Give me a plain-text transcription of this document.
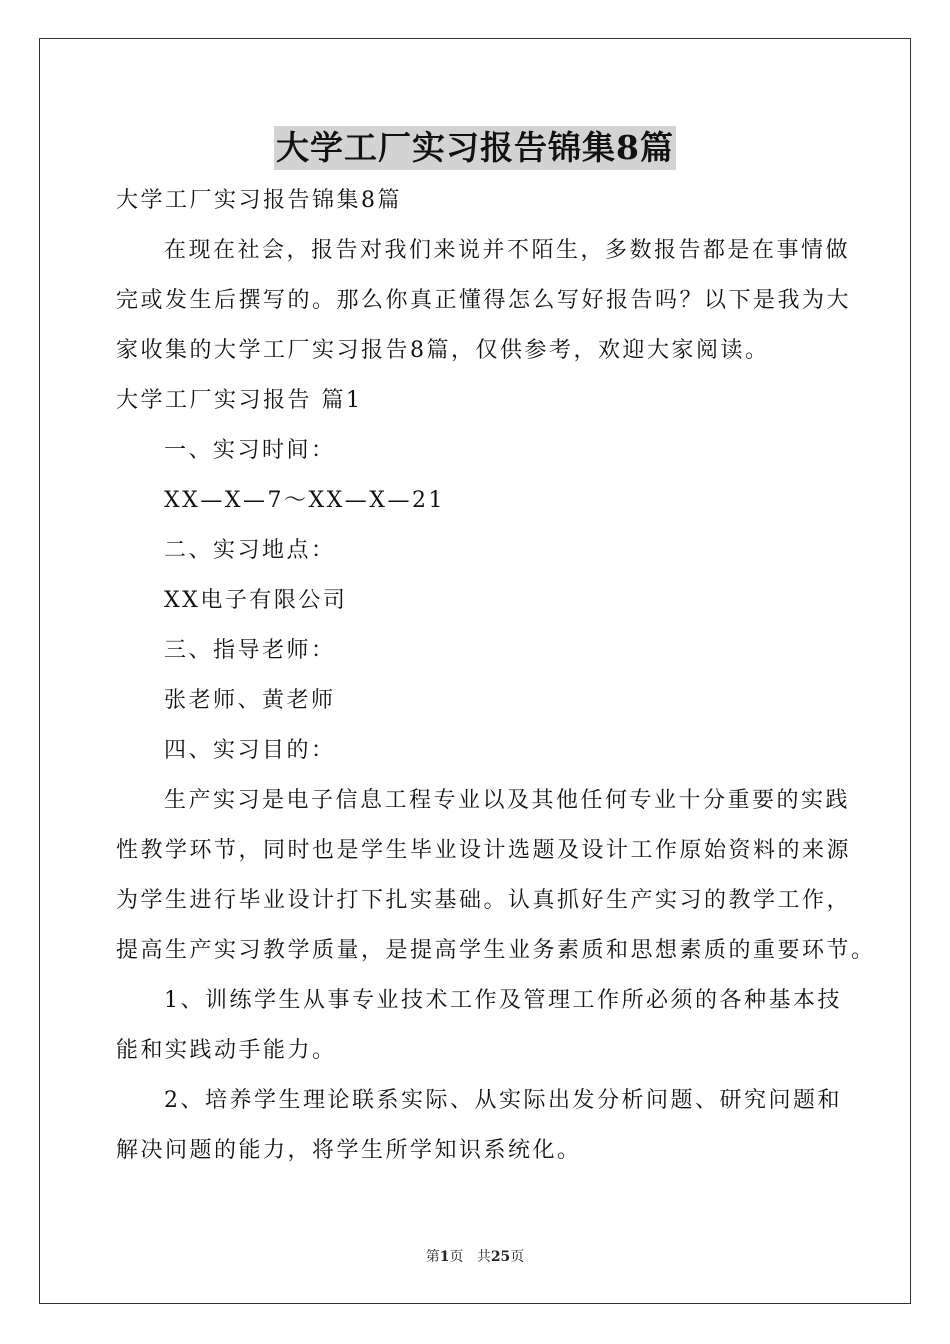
大学工厂实习报告锦集8篇
大学工厂实习报告锦集8篇
在现在社会，报告对我们来说并不陌生，多数报告都是在事情做
完或发生后撰写的。那么你真正懂得怎么写好报告吗？以下是我为大
家收集的大学工厂实习报告8篇，仅供参考，欢迎大家阅读。
大学工厂实习报告 篇1
一、实习时间：
XX—X—7～XX—X—21
二、实习地点：
XX电子有限公司
三、指导老师：
张老师、黄老师
四、实习目的：
生产实习是电子信息工程专业以及其他任何专业十分重要的实践
性教学环节，同时也是学生毕业设计选题及设计工作原始资料的来源
为学生进行毕业设计打下扎实基础。认真抓好生产实习的教学工作，
提高生产实习教学质量，是提高学生业务素质和思想素质的重要环节。
1、训练学生从事专业技术工作及管理工作所必须的各种基本技
能和实践动手能力。
2、培养学生理论联系实际、从实际出发分析问题、研究问题和
解决问题的能力，将学生所学知识系统化。
第1页 共25页
